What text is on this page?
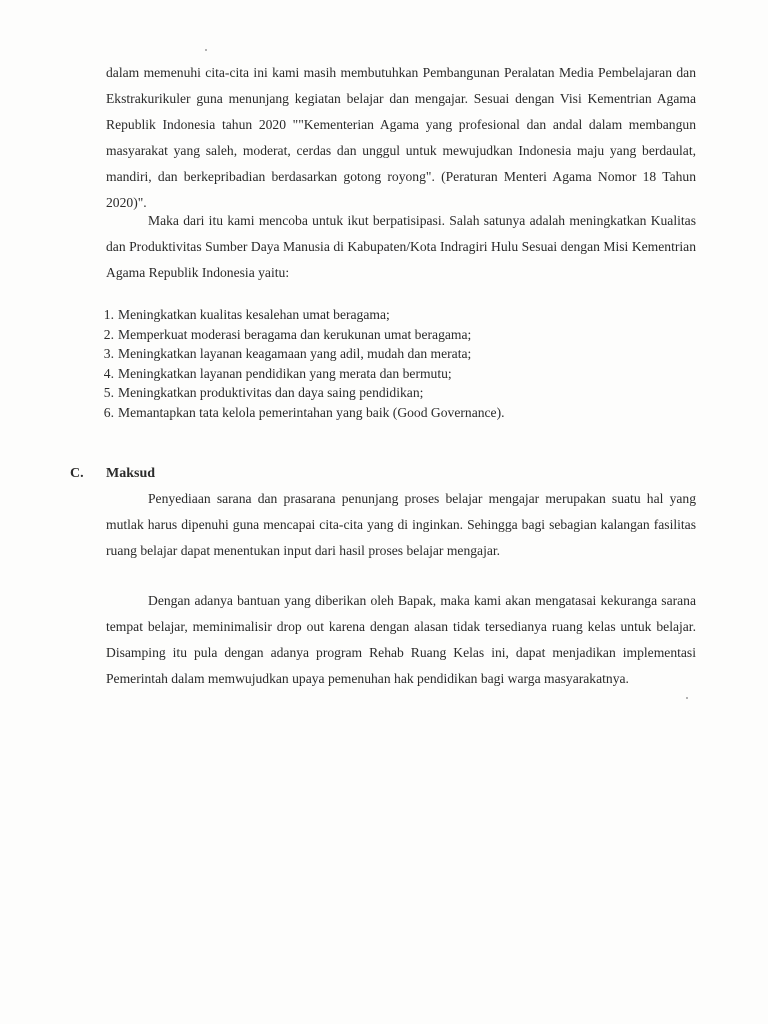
dalam memenuhi cita-cita ini kami masih membutuhkan Pembangunan Peralatan Media Pembelajaran dan Ekstrakurikuler guna menunjang kegiatan belajar dan mengajar. Sesuai dengan Visi Kementrian Agama Republik Indonesia tahun 2020 ""Kementerian Agama yang profesional dan andal dalam membangun masyarakat yang saleh, moderat, cerdas dan unggul untuk mewujudkan Indonesia maju yang berdaulat, mandiri, dan berkepribadian berdasarkan gotong royong". (Peraturan Menteri Agama Nomor 18 Tahun 2020)".

Maka dari itu kami mencoba untuk ikut berpatisipasi. Salah satunya adalah meningkatkan Kualitas dan Produktivitas Sumber Daya Manusia di Kabupaten/Kota Indragiri Hulu Sesuai dengan Misi Kementrian Agama Republik Indonesia yaitu:

1. Meningkatkan kualitas kesalehan umat beragama;
2. Memperkuat moderasi beragama dan kerukunan umat beragama;
3. Meningkatkan layanan keagamaan yang adil, mudah dan merata;
4. Meningkatkan layanan pendidikan yang merata dan bermutu;
5. Meningkatkan produktivitas dan daya saing pendidikan;
6. Memantapkan tata kelola pemerintahan yang baik (Good Governance).
C. Maksud

Penyediaan sarana dan prasarana penunjang proses belajar mengajar merupakan suatu hal yang mutlak harus dipenuhi guna mencapai cita-cita yang di inginkan. Sehingga bagi sebagian kalangan fasilitas ruang belajar dapat menentukan input dari hasil proses belajar mengajar.

Dengan adanya bantuan yang diberikan oleh Bapak, maka kami akan mengatasai kekuranga sarana tempat belajar, meminimalisir drop out karena dengan alasan tidak tersedianya ruang kelas untuk belajar. Disamping itu pula dengan adanya program Rehab Ruang Kelas ini, dapat menjadikan implementasi Pemerintah dalam memwujudkan upaya pemenuhan hak pendidikan bagi warga masyarakatnya.
